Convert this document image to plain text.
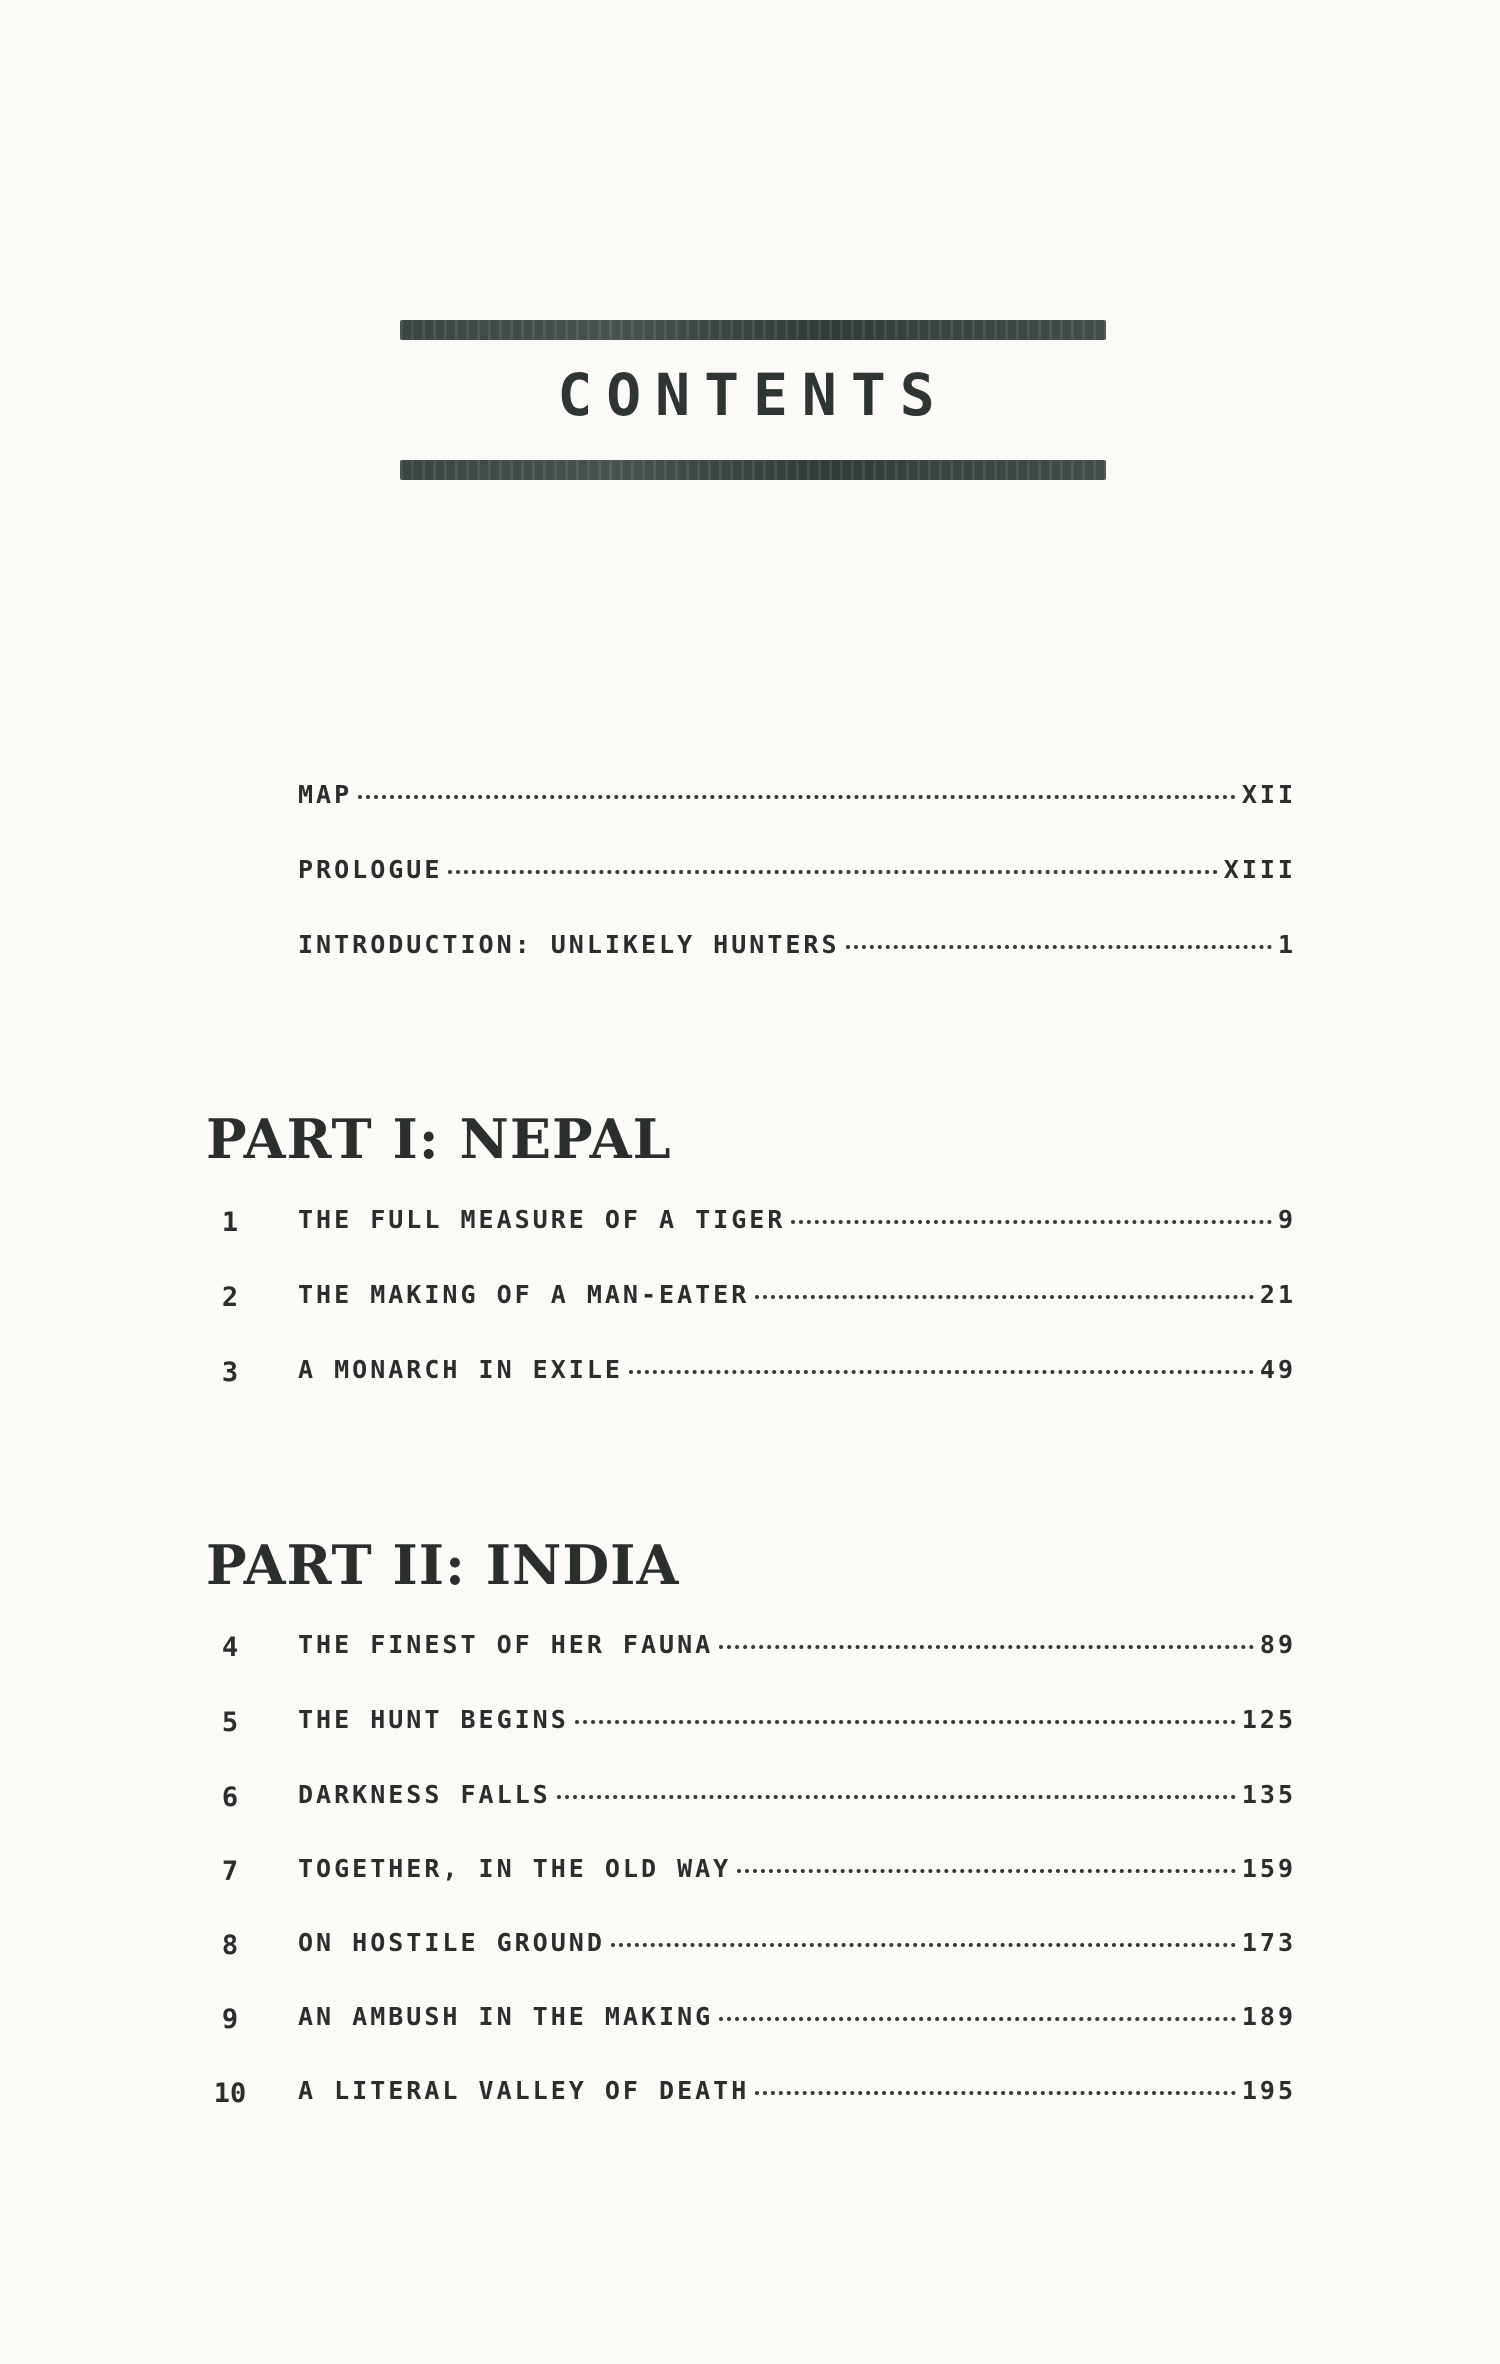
CONTENTS
MAP	XII
PROLOGUE	XIII
INTRODUCTION: UNLIKELY HUNTERS	1
PART I: NEPAL
1	THE FULL MEASURE OF A TIGER	9
2	THE MAKING OF A MAN-EATER	21
3	A MONARCH IN EXILE	49
PART II: INDIA
4	THE FINEST OF HER FAUNA	89
5	THE HUNT BEGINS	125
6	DARKNESS FALLS	135
7	TOGETHER, IN THE OLD WAY	159
8	ON HOSTILE GROUND	173
9	AN AMBUSH IN THE MAKING	189
10	A LITERAL VALLEY OF DEATH	195
